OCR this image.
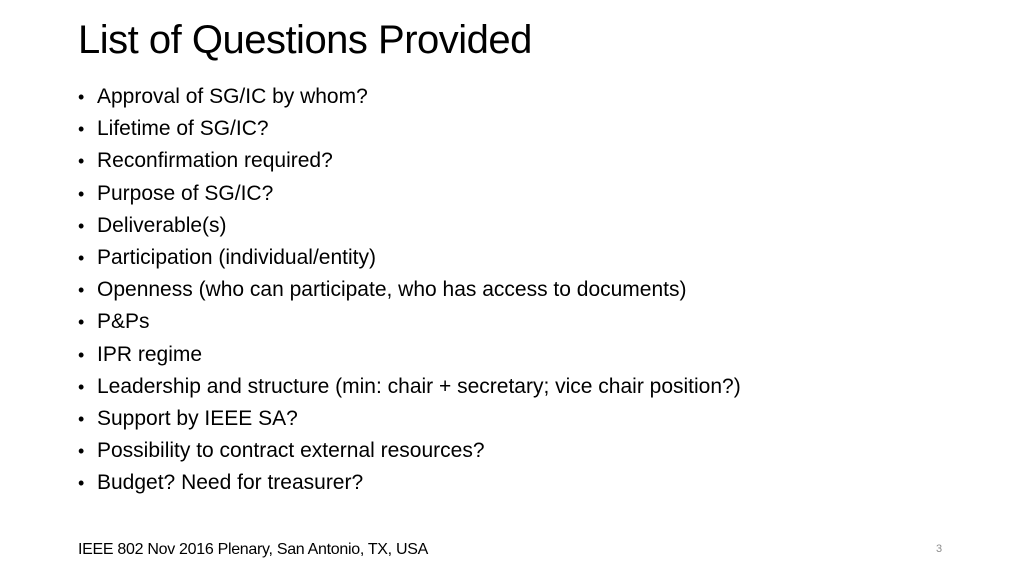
List of Questions Provided
• Approval of SG/IC by whom?
• Lifetime of SG/IC?
• Reconfirmation required?
• Purpose of SG/IC?
• Deliverable(s)
• Participation (individual/entity)
• Openness (who can participate, who has access to documents)
• P&Ps
• IPR regime
• Leadership and structure (min: chair + secretary; vice chair position?)
• Support by IEEE SA?
• Possibility to contract external resources?
• Budget? Need for treasurer?
IEEE 802 Nov 2016 Plenary, San Antonio, TX, USA	3
